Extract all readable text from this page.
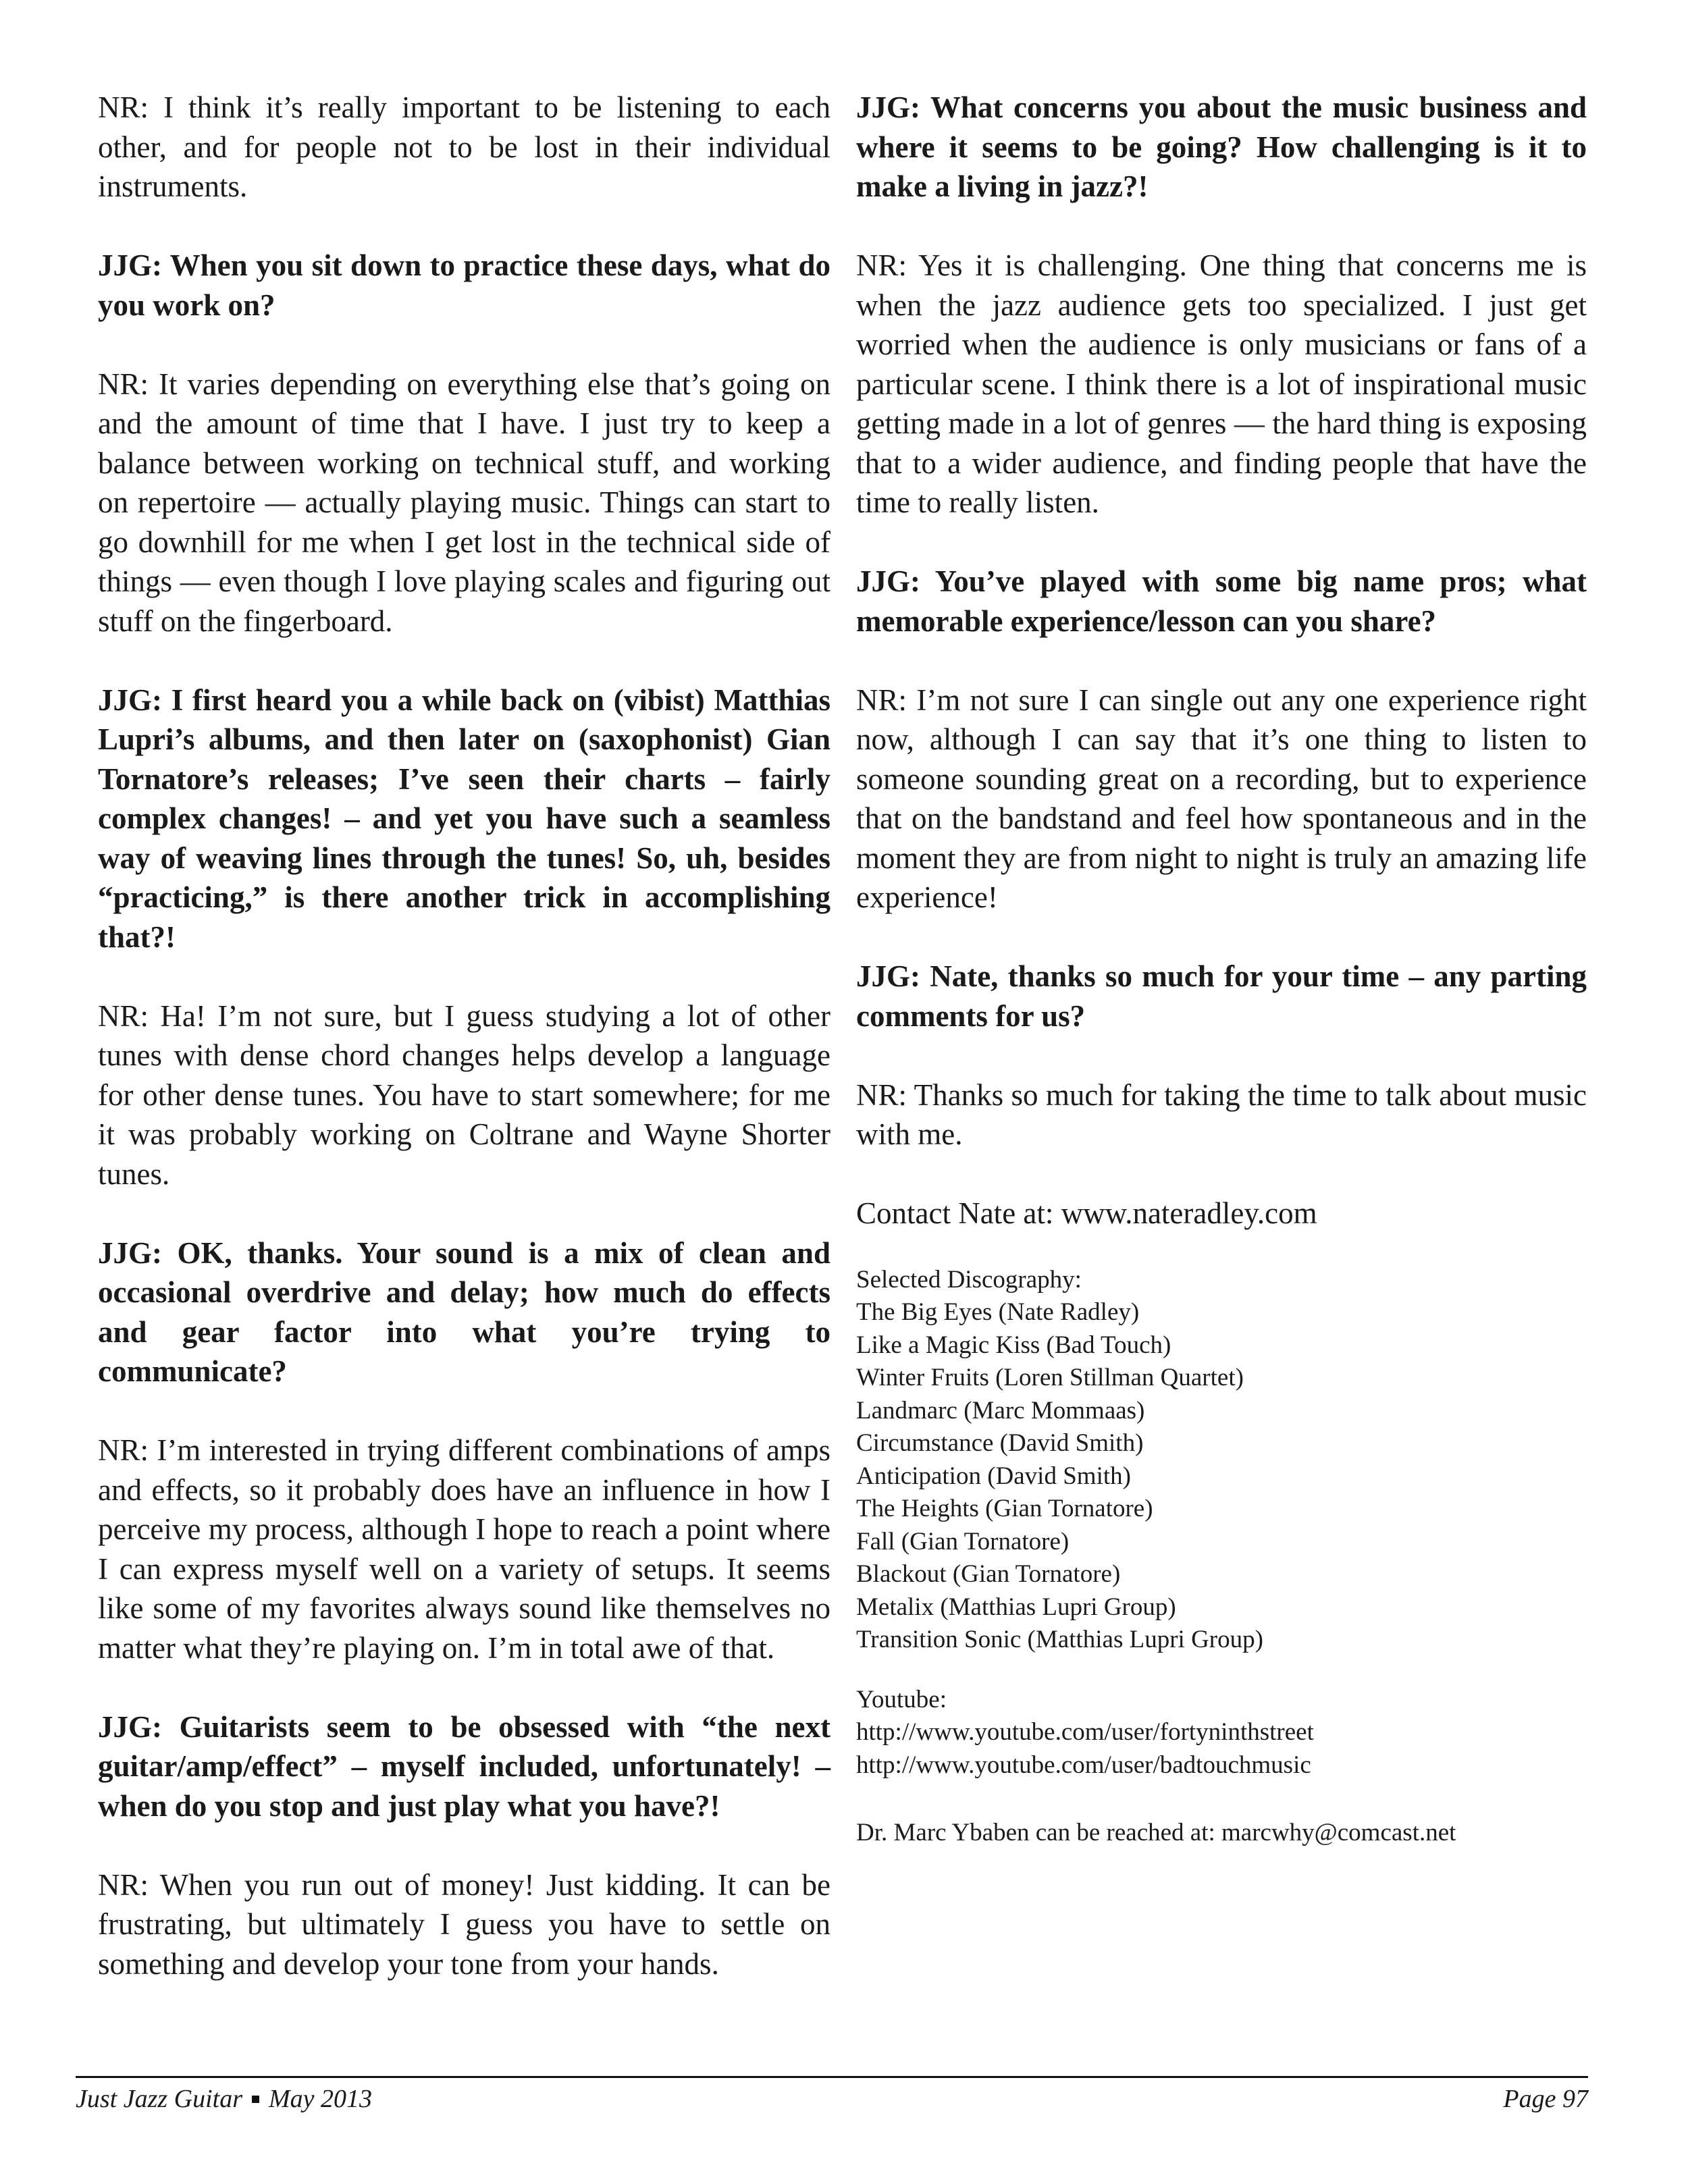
NR: I think it’s really important to be listening to each other, and for people not to be lost in their individual instruments.

JJG: When you sit down to practice these days, what do you work on?

NR: It varies depending on everything else that’s going on and the amount of time that I have. I just try to keep a balance between working on technical stuff, and working on repertoire — actually playing music. Things can start to go downhill for me when I get lost in the technical side of things — even though I love playing scales and figuring out stuff on the fingerboard.

JJG: I first heard you a while back on (vibist) Matthias Lupri’s albums, and then later on (saxophonist) Gian Tornatore’s releases; I’ve seen their charts – fairly complex changes! – and yet you have such a seamless way of weaving lines through the tunes! So, uh, besides “practicing,” is there another trick in accomplishing that?!

NR: Ha! I’m not sure, but I guess studying a lot of other tunes with dense chord changes helps develop a language for other dense tunes. You have to start somewhere; for me it was probably working on Coltrane and Wayne Shorter tunes.

JJG: OK, thanks. Your sound is a mix of clean and occasional overdrive and delay; how much do effects and gear factor into what you’re trying to communicate?

NR: I’m interested in trying different combinations of amps and effects, so it probably does have an influence in how I perceive my process, although I hope to reach a point where I can express myself well on a variety of setups. It seems like some of my favorites always sound like themselves no matter what they’re playing on. I’m in total awe of that.

JJG: Guitarists seem to be obsessed with “the next guitar/amp/effect” – myself included, unfortunately! – when do you stop and just play what you have?!

NR: When you run out of money! Just kidding. It can be frustrating, but ultimately I guess you have to settle on something and develop your tone from your hands.

JJG: What concerns you about the music business and where it seems to be going? How challenging is it to make a living in jazz?!

NR: Yes it is challenging. One thing that concerns me is when the jazz audience gets too specialized. I just get worried when the audience is only musicians or fans of a particular scene. I think there is a lot of inspirational music getting made in a lot of genres — the hard thing is exposing that to a wider audience, and finding people that have the time to really listen.

JJG: You’ve played with some big name pros; what memorable experience/lesson can you share?

NR: I’m not sure I can single out any one experience right now, although I can say that it’s one thing to listen to someone sounding great on a recording, but to experience that on the bandstand and feel how spontaneous and in the moment they are from night to night is truly an amazing life experience!

JJG: Nate, thanks so much for your time – any parting comments for us?

NR: Thanks so much for taking the time to talk about music with me.

Contact Nate at: www.nateradley.com

Selected Discography:

The Big Eyes (Nate Radley)

Like a Magic Kiss (Bad Touch)

Winter Fruits (Loren Stillman Quartet)

Landmarc (Marc Mommaas)

Circumstance (David Smith)

Anticipation (David Smith)

The Heights (Gian Tornatore)

Fall (Gian Tornatore)

Blackout (Gian Tornatore)

Metalix (Matthias Lupri Group)

Transition Sonic (Matthias Lupri Group)

Youtube:

http://www.youtube.com/user/fortyninthstreet

http://www.youtube.com/user/badtouchmusic

Dr. Marc Ybaben can be reached at: marcwhy@comcast.net

Just Jazz Guitar May 2013	Page 97
